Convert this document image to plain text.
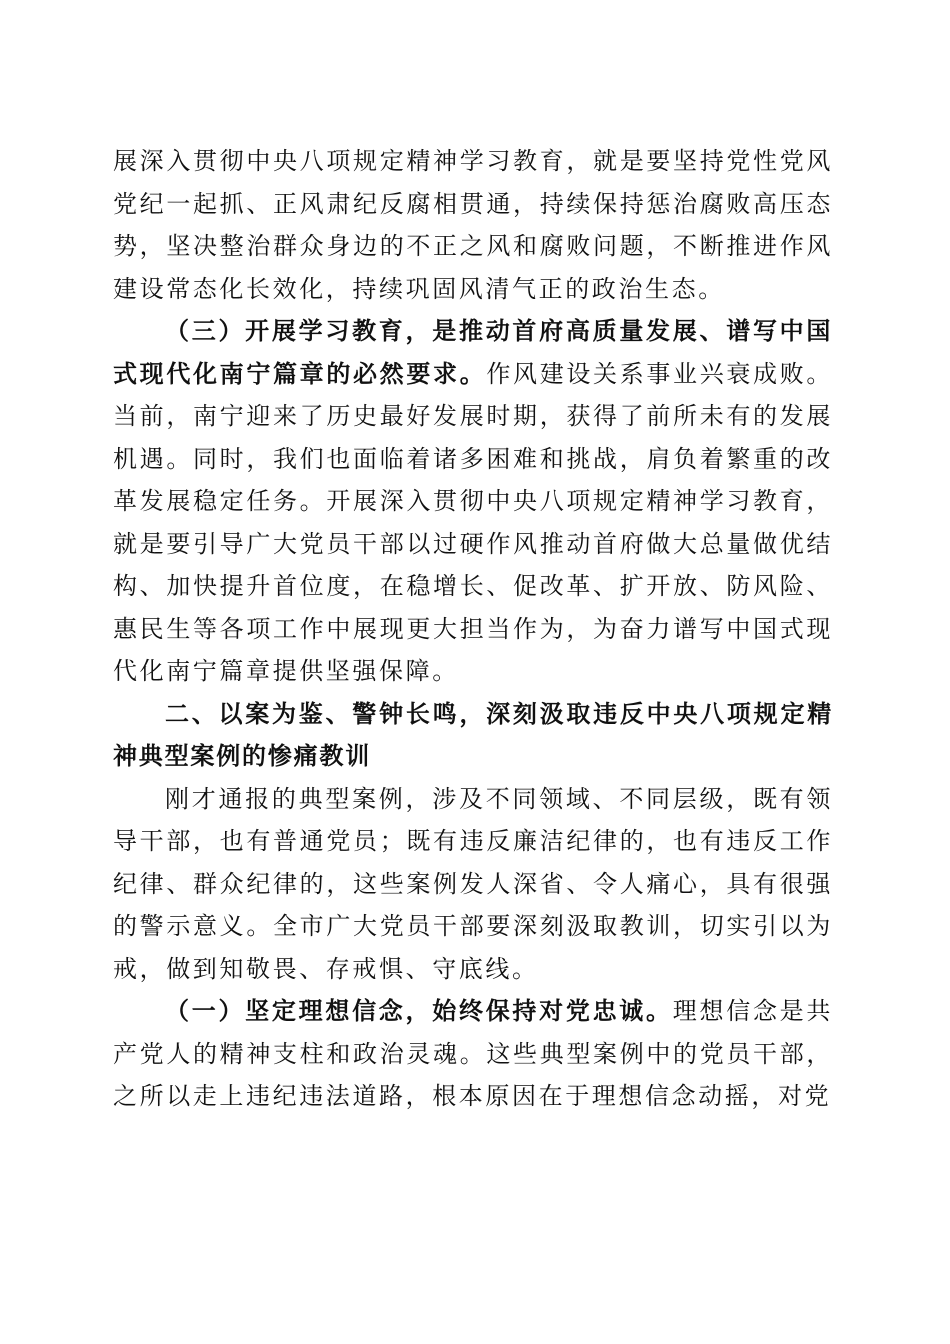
展深入贯彻中央八项规定精神学习教育，就是要坚持党性党风党纪一起抓、正风肃纪反腐相贯通，持续保持惩治腐败高压态势，坚决整治群众身边的不正之风和腐败问题，不断推进作风建设常态化长效化，持续巩固风清气正的政治生态。

（三）开展学习教育，是推动首府高质量发展、谱写中国式现代化南宁篇章的必然要求。作风建设关系事业兴衰成败。当前，南宁迎来了历史最好发展时期，获得了前所未有的发展机遇。同时，我们也面临着诸多困难和挑战，肩负着繁重的改革发展稳定任务。开展深入贯彻中央八项规定精神学习教育，就是要引导广大党员干部以过硬作风推动首府做大总量做优结构、加快提升首位度，在稳增长、促改革、扩开放、防风险、惠民生等各项工作中展现更大担当作为，为奋力谱写中国式现代化南宁篇章提供坚强保障。

二、以案为鉴、警钟长鸣，深刻汲取违反中央八项规定精神典型案例的惨痛教训

刚才通报的典型案例，涉及不同领域、不同层级，既有领导干部，也有普通党员；既有违反廉洁纪律的，也有违反工作纪律、群众纪律的，这些案例发人深省、令人痛心，具有很强的警示意义。全市广大党员干部要深刻汲取教训，切实引以为戒，做到知敬畏、存戒惧、守底线。

（一）坚定理想信念，始终保持对党忠诚。理想信念是共产党人的精神支柱和政治灵魂。这些典型案例中的党员干部，之所以走上违纪违法道路，根本原因在于理想信念动摇，对党
